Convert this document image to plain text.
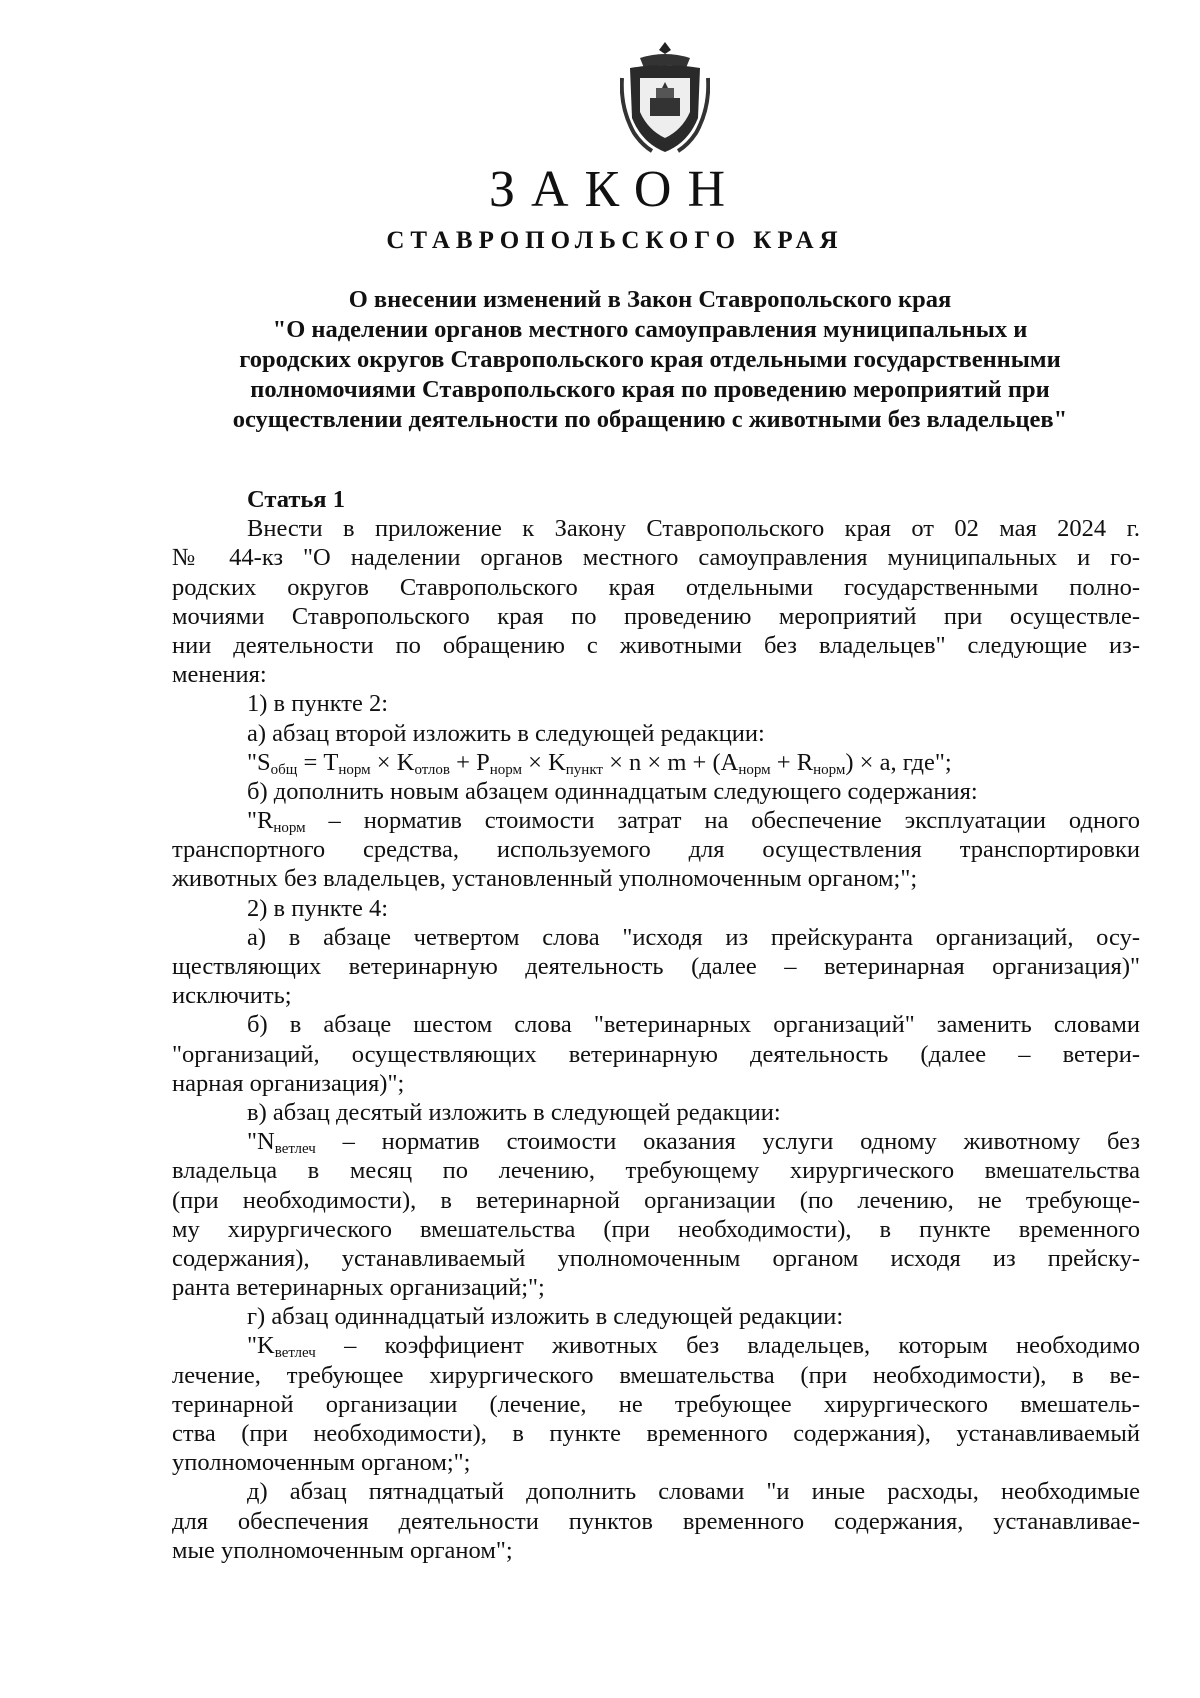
ЗАКОН
СТАВРОПОЛЬСКОГО КРАЯ
О внесении изменений в Закон Ставропольского края
"О наделении органов местного самоуправления муниципальных и
городских округов Ставропольского края отдельными государственными
полномочиями Ставропольского края по проведению мероприятий при
осуществлении деятельности по обращению с животными без владельцев"
Статья 1
Внести в приложение к Закону Ставропольского края от 02 мая 2024 г.
№ 44-кз "О наделении органов местного самоуправления муниципальных и го-
родских округов Ставропольского края отдельными государственными полно-
мочиями Ставропольского края по проведению мероприятий при осуществле-
нии деятельности по обращению с животными без владельцев" следующие из-
менения:
1) в пункте 2:
а) абзац второй изложить в следующей редакции:
"$S_{общ} = T_{норм} \times K_{отлов} + P_{норм} \times K_{пункт} \times n \times m + (A_{норм} + R_{норм}) \times a$, где";
б) дополнить новым абзацем одиннадцатым следующего содержания:
"$R_{норм}$ – норматив стоимости затрат на обеспечение эксплуатации одного
транспортного средства, используемого для осуществления транспортировки
животных без владельцев, установленный уполномоченным органом;";
2) в пункте 4:
а) в абзаце четвертом слова "исходя из прейскуранта организаций, осу-
ществляющих ветеринарную деятельность (далее – ветеринарная организация)"
исключить;
б) в абзаце шестом слова "ветеринарных организаций" заменить словами
"организаций, осуществляющих ветеринарную деятельность (далее – ветери-
нарная организация)";
в) абзац десятый изложить в следующей редакции:
"$N_{ветлеч}$ – норматив стоимости оказания услуги одному животному без
владельца в месяц по лечению, требующему хирургического вмешательства
(при необходимости), в ветеринарной организации (по лечению, не требующе-
му хирургического вмешательства (при необходимости), в пункте временного
содержания), устанавливаемый уполномоченным органом исходя из прейску-
ранта ветеринарных организаций;";
г) абзац одиннадцатый изложить в следующей редакции:
"$K_{ветлеч}$ – коэффициент животных без владельцев, которым необходимо
лечение, требующее хирургического вмешательства (при необходимости), в ве-
теринарной организации (лечение, не требующее хирургического вмешатель-
ства (при необходимости), в пункте временного содержания), устанавливаемый
уполномоченным органом;";
д) абзац пятнадцатый дополнить словами "и иные расходы, необходимые
для обеспечения деятельности пунктов временного содержания, устанавливае-
мые уполномоченным органом";
